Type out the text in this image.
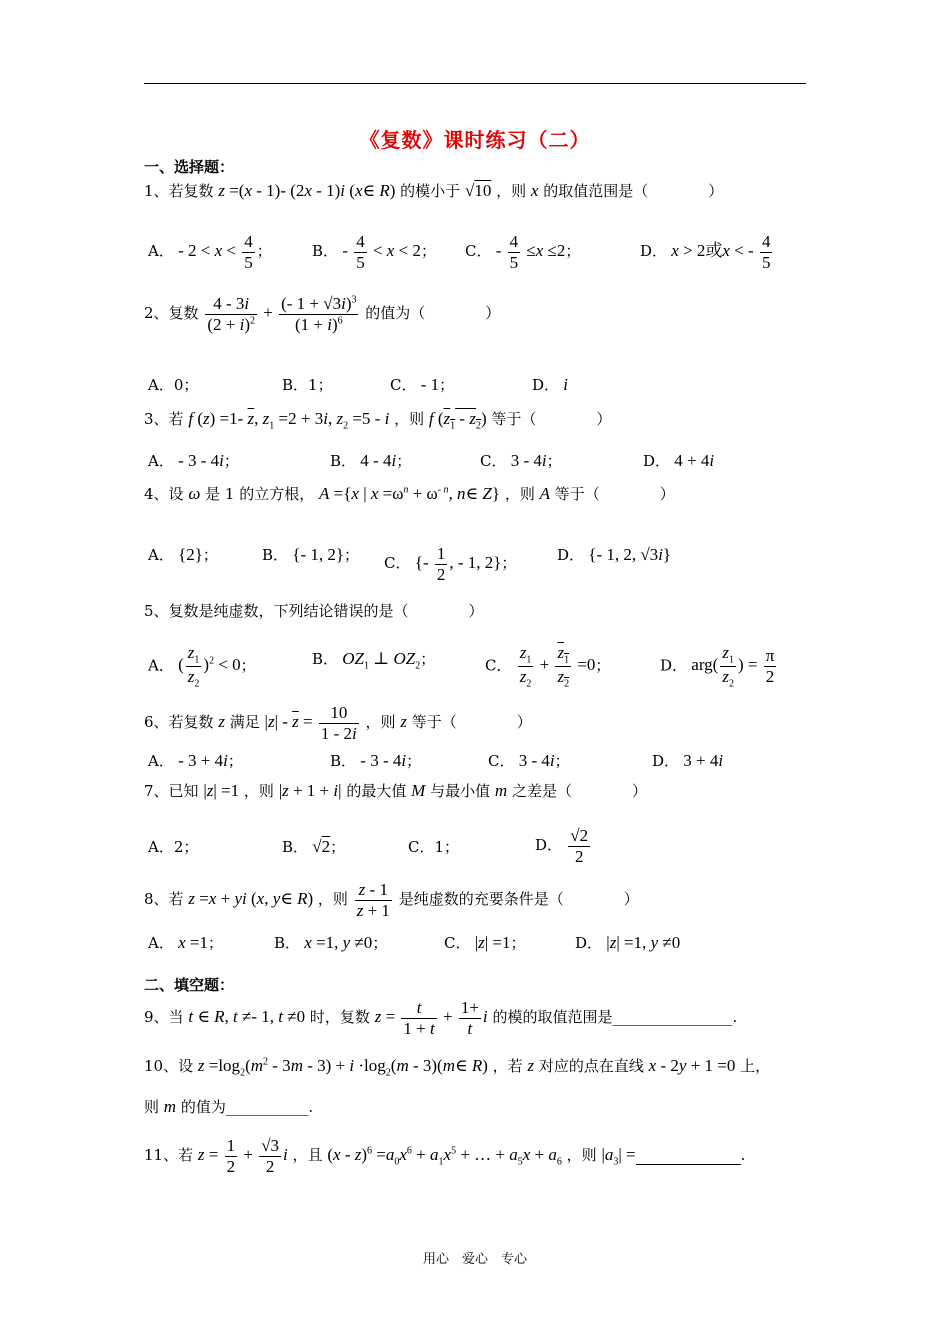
《复数》课时练习（二）
一、选择题：
1、若复数 z =(x - 1)- (2x - 1)i (x∈ R) 的模小于 √10 ，则 x 的取值范围是（　　　　）
A． - $2 < x < \frac{4}{5}$ ；	B． - $\frac{4}{5} < x < 2$； C． - $\frac{4}{5} \le x \le 2$；	D． x > 2或x < - $\frac{4}{5}$
2、复数 $\frac{4 - 3i}{(2 + i)^2} + \frac{(- 1 + √3i)^3}{(1 + i)^6}$ 的值为（　　　　）
A．0；	B．1；	C． - 1；	D． i
3、若 f (z) =1- $\overline{z}$, $z_1 =2 + 3i$, $z_2 =5 - i$ ，则 f $(z_1 - z_2)$ 等于（　　　　）
A． - 3 - 4i；	B． 4 - 4i；	C． 3 - 4i；	D． 4 + 4i
4、设 ω 是 1 的立方根， A ={x | $x =\omega^n + \omega^{- n}$, n∈ Z} ，则 A 等于（　　　　）
A． {2}；	B． {- 1, 2}； C． {- $\frac{1}{2}$ , - 1, 2}；	D． {- 1, 2, √3i}
5、复数是纯虚数，下列结论错误的是（　　　　）
A． ( $\frac{z_1}{z_2} )^2 < 0$；	B． $OZ_1$ ⊥ $OZ_2$；	C． $\frac{z_1}{z_2} + \frac{z_1}{z_2} =0$；	D． $arg( \frac{z_1}{z_2}$ ) = $\frac{\pi}{2}$
6、若复数 z 满足 $|z| - \overline{z} = \frac{10}{1 - 2i}$ ，则 z 等于（　　　　）
A． - 3 + 4i；	B． - 3 - 4i；	C． 3 - 4i；	D． 3 + 4i
7、已知 |z| =1 ，则 |z + 1 + i| 的最大值 M 与最小值 m 之差是（　　　　）
A．2；	B． √2；	C．1；	D． $\frac{√2}{2}$
8、若 z =x + yi (x, y∈ R) ，则 $\frac{z - 1}{z + 1}$ 是纯虚数的充要条件是（　　　　）
A． x =1；	B． x =1, y ≠0；	C． |z| =1；	D． |z| =1, y ≠0
二、填空题：
9、当 t ∈ R, t ≠- 1, t ≠0 时，复数 $z = \frac{t}{1 + t} + \frac{1+}{t}$ i 的模的取值范围是________________.
10、设 $z =\log_2(m^2 - 3m - 3) + i \cdot\log_2(m$ - 3)(m∈ R) ，若 z 对应的点在直线 x - 2y + 1 =0 上，
则 m 的值为___________.
11、若 $z = \frac{1}{2} + \frac{√3}{2}$ i ，且 $(x - z)^6 =a_0x^6 + a_1x^5$ + … + $a_5x + a_6$ ，则 $|a_3|$ =	.
用心　爱心　专心
